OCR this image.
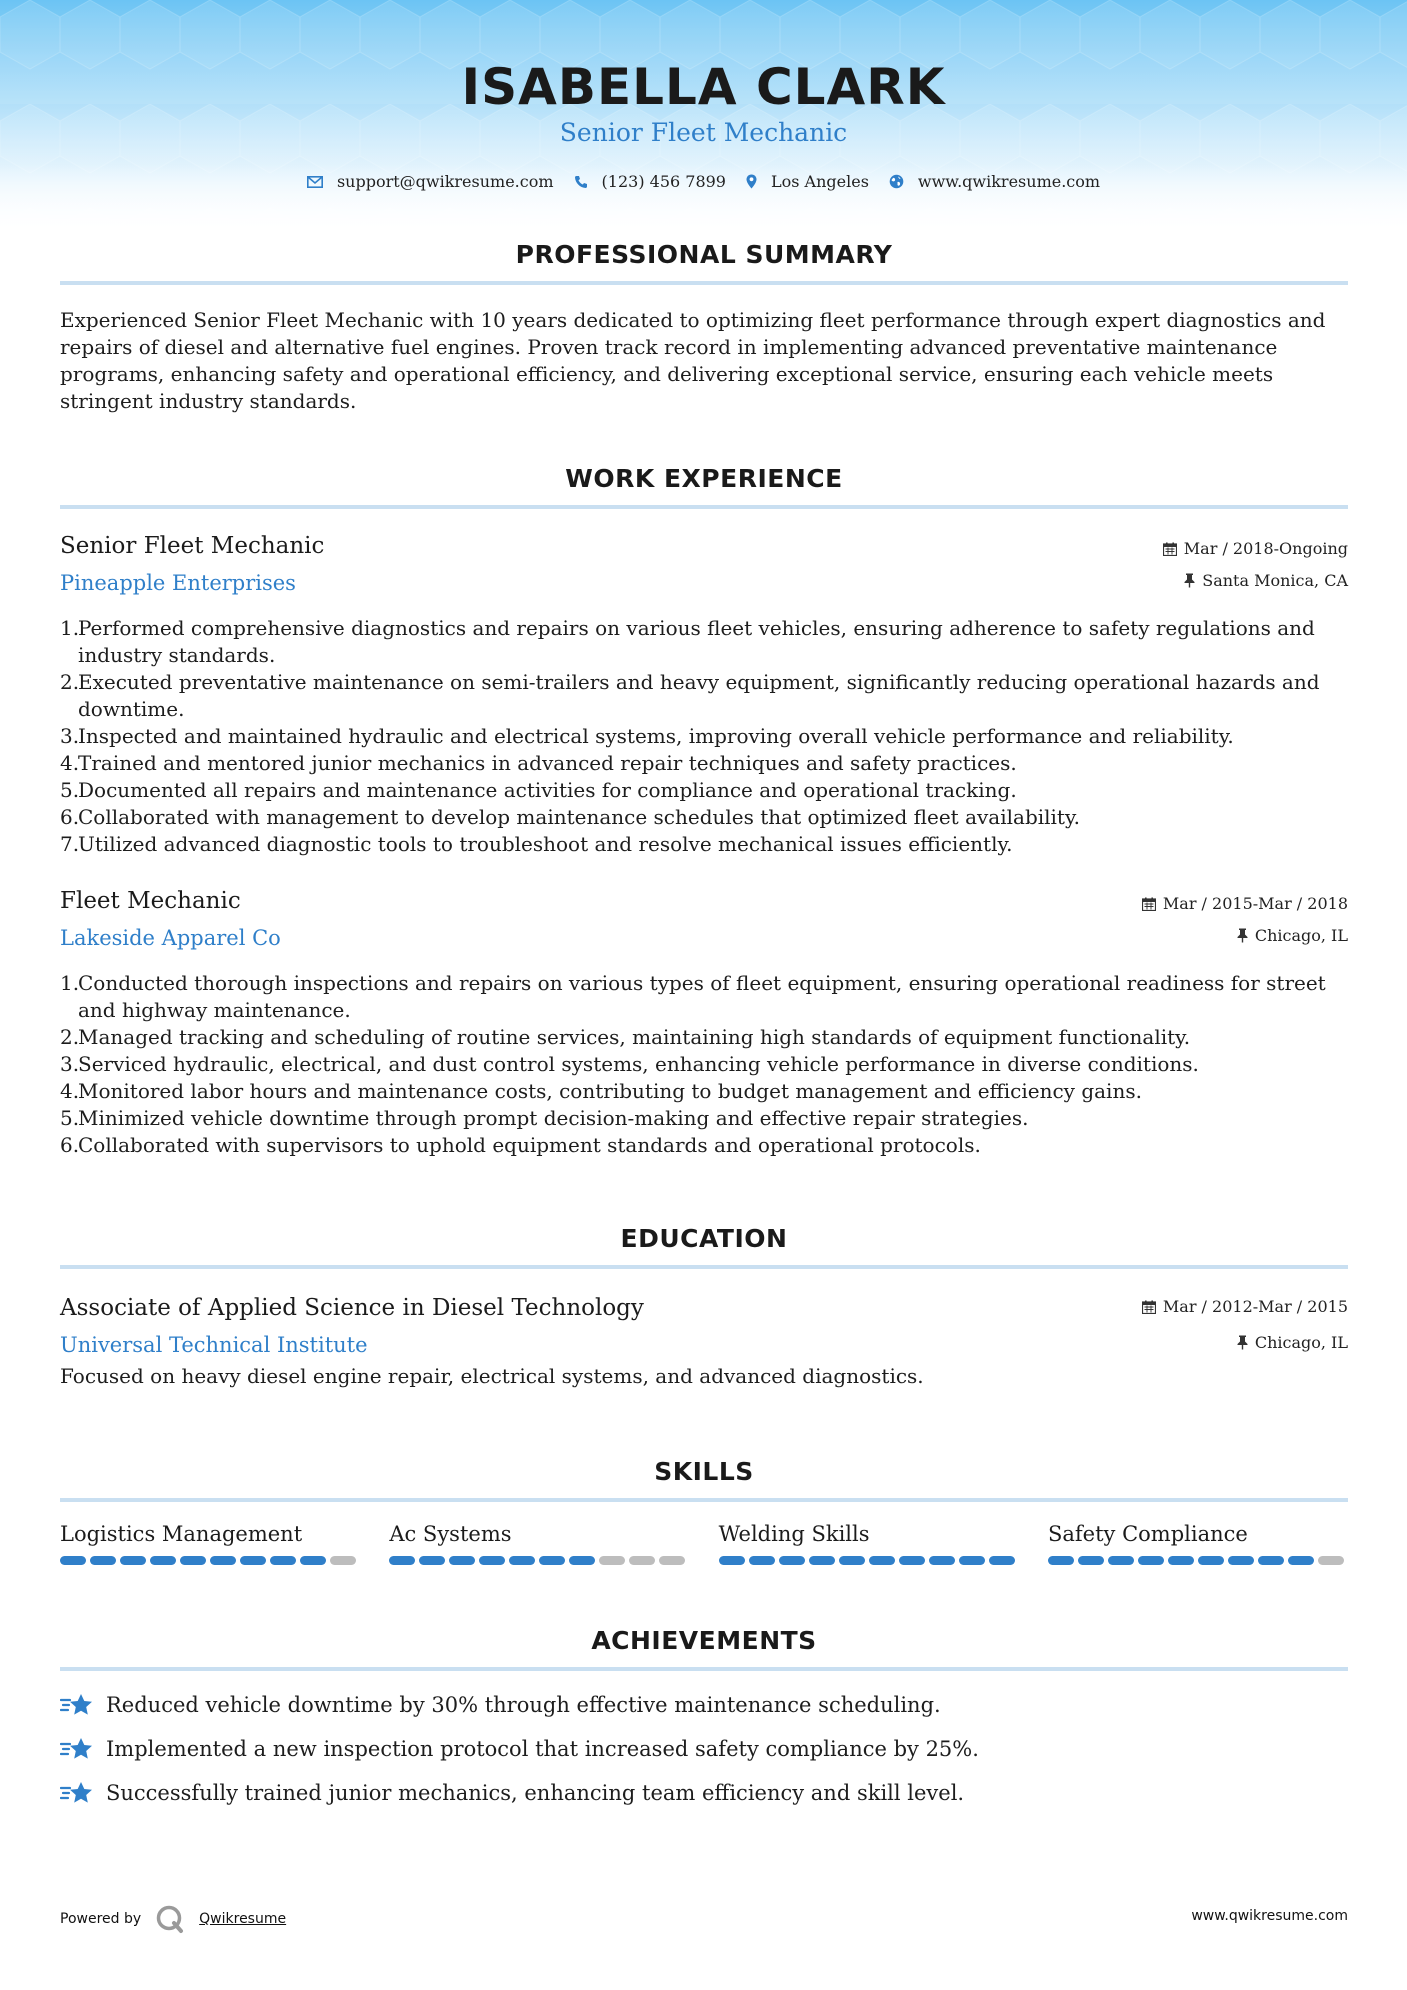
ISABELLA CLARK
Senior Fleet Mechanic
support@qwikresume.com	(123) 456 7899	Los Angeles	www.qwikresume.com
PROFESSIONAL SUMMARY
Experienced Senior Fleet Mechanic with 10 years dedicated to optimizing fleet performance through expert diagnostics and repairs of diesel and alternative fuel engines. Proven track record in implementing advanced preventative maintenance programs, enhancing safety and operational efficiency, and delivering exceptional service, ensuring each vehicle meets stringent industry standards.
WORK EXPERIENCE
Senior Fleet Mechanic
Pineapple Enterprises
Mar / 2018-Ongoing
Santa Monica, CA
1.
Performed comprehensive diagnostics and repairs on various fleet vehicles, ensuring adherence to safety regulations and industry standards.
2.
Executed preventative maintenance on semi-trailers and heavy equipment, significantly reducing operational hazards and downtime.
3.
Inspected and maintained hydraulic and electrical systems, improving overall vehicle performance and reliability.
4.
Trained and mentored junior mechanics in advanced repair techniques and safety practices.
5.
Documented all repairs and maintenance activities for compliance and operational tracking.
6.
Collaborated with management to develop maintenance schedules that optimized fleet availability.
7.
Utilized advanced diagnostic tools to troubleshoot and resolve mechanical issues efficiently.
Fleet Mechanic
Lakeside Apparel Co
Mar / 2015-Mar / 2018
Chicago, IL
1.
Conducted thorough inspections and repairs on various types of fleet equipment, ensuring operational readiness for street and highway maintenance.
2.
Managed tracking and scheduling of routine services, maintaining high standards of equipment functionality.
3.
Serviced hydraulic, electrical, and dust control systems, enhancing vehicle performance in diverse conditions.
4.
Monitored labor hours and maintenance costs, contributing to budget management and efficiency gains.
5.
Minimized vehicle downtime through prompt decision-making and effective repair strategies.
6.
Collaborated with supervisors to uphold equipment standards and operational protocols.
EDUCATION
Associate of Applied Science in Diesel Technology
Universal Technical Institute
Mar / 2012-Mar / 2015
Chicago, IL
Focused on heavy diesel engine repair, electrical systems, and advanced diagnostics.
SKILLS
Logistics Management	Ac Systems	Welding Skills	Safety Compliance
ACHIEVEMENTS
Reduced vehicle downtime by 30% through effective maintenance scheduling.
Implemented a new inspection protocol that increased safety compliance by 25%.
Successfully trained junior mechanics, enhancing team efficiency and skill level.
Powered by	Qwikresume	www.qwikresume.com
